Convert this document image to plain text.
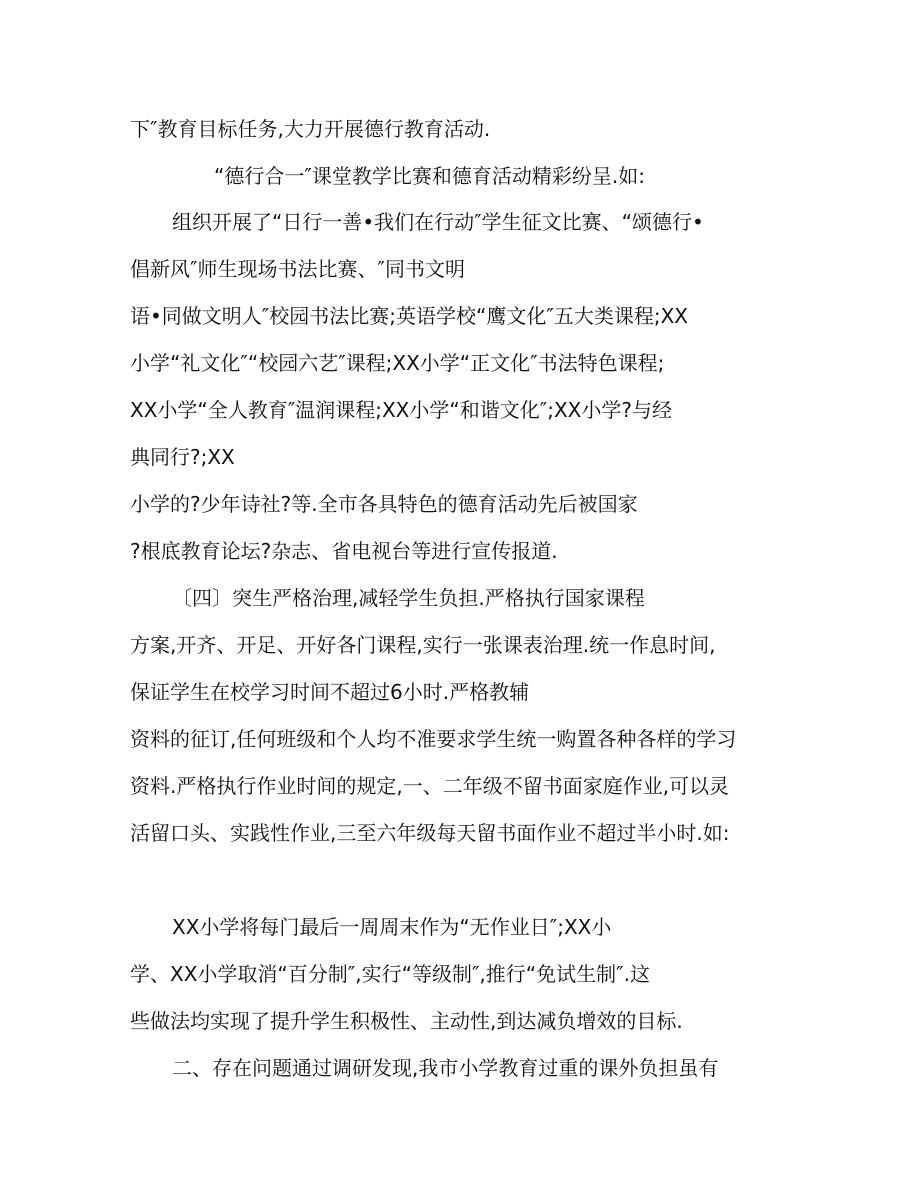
下″教育目标任务,大力开展德行教育活动.
“德行合一″课堂教学比赛和德育活动精彩纷呈.如:
组织开展了“日行一善•我们在行动″学生征文比赛、“颂德行•
倡新风″师生现场书法比赛、″同书文明
语•同做文明人″校园书法比赛;英语学校“鹰文化″五大类课程;XX
小学“礼文化″“校园六艺″课程;XX小学“正文化″书法特色课程;
XX小学“全人教育″温润课程;XX小学“和谐文化″;XX小学?与经
典同行?;XX
小学的?少年诗社?等.全市各具特色的德育活动先后被国家
?根底教育论坛?杂志、省电视台等进行宣传报道.
〔四〕突生严格治理,减轻学生负担.严格执行国家课程
方案,开齐、开足、开好各门课程,实行一张课表治理.统一作息时间,
保证学生在校学习时间不超过6小时.严格教辅
资料的征订,任何班级和个人均不准要求学生统一购置各种各样的学习
资料.严格执行作业时间的规定,一、二年级不留书面家庭作业,可以灵
活留口头、实践性作业,三至六年级每天留书面作业不超过半小时.如:
XX小学将每门最后一周周末作为“无作业日″;XX小
学、XX小学取消“百分制″,实行“等级制″,推行“免试生制″.这
些做法均实现了提升学生积极性、主动性,到达减负增效的目标.
二、存在问题通过调研发现,我市小学教育过重的课外负担虽有
